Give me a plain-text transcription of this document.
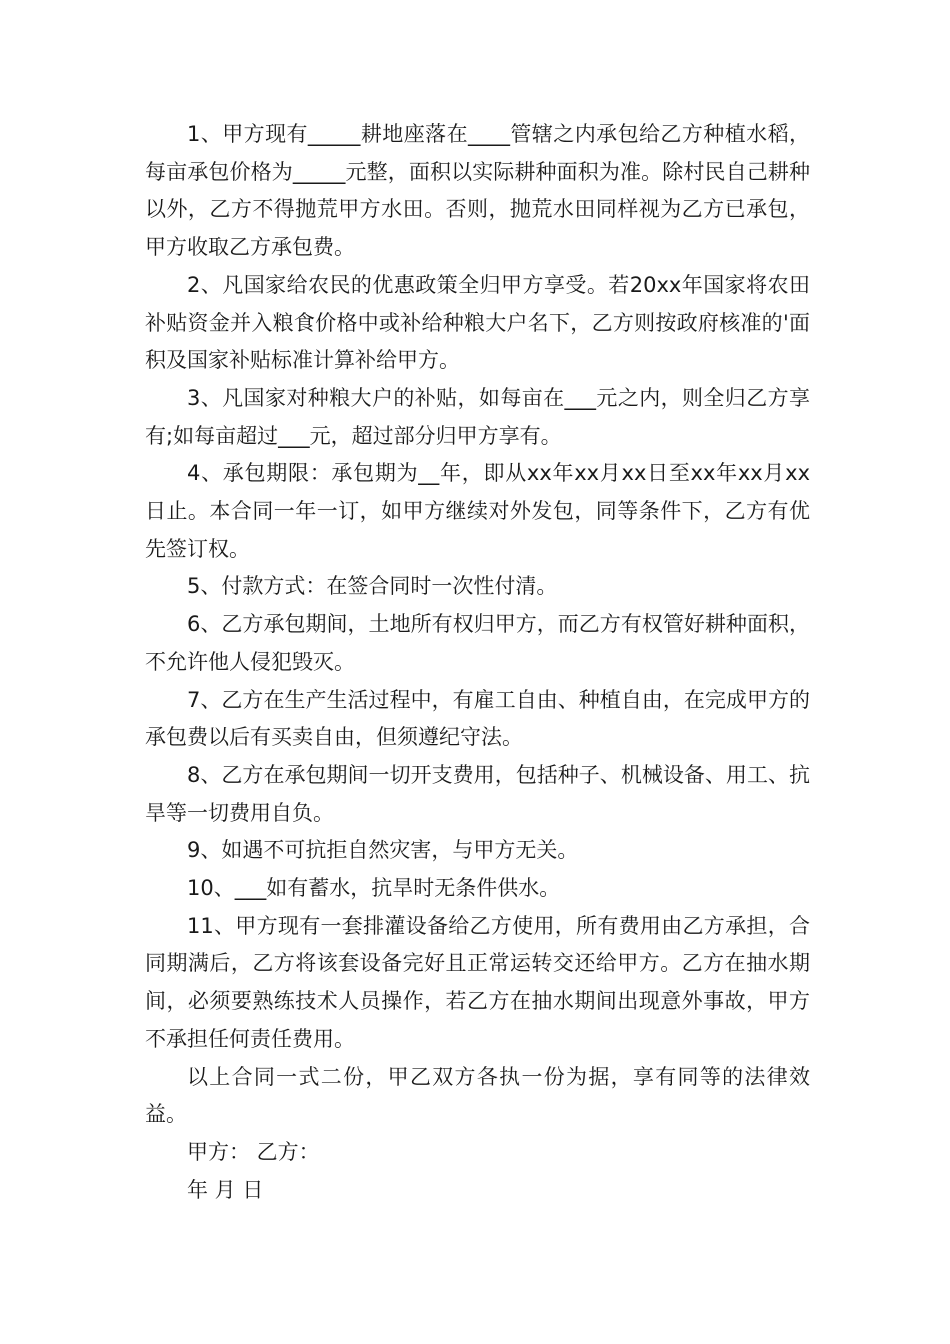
1、甲方现有_____耕地座落在____管辖之内承包给乙方种植水稻，每亩承包价格为_____元整，面积以实际耕种面积为准。除村民自己耕种以外，乙方不得抛荒甲方水田。否则，抛荒水田同样视为乙方已承包，甲方收取乙方承包费。

2、凡国家给农民的优惠政策全归甲方享受。若20xx年国家将农田补贴资金并入粮食价格中或补给种粮大户名下，乙方则按政府核准的'面积及国家补贴标准计算补给甲方。

3、凡国家对种粮大户的补贴，如每亩在___元之内，则全归乙方享有;如每亩超过___元，超过部分归甲方享有。

4、承包期限：承包期为__年，即从xx年xx月xx日至xx年xx月xx日止。本合同一年一订，如甲方继续对外发包，同等条件下，乙方有优先签订权。

5、付款方式：在签合同时一次性付清。

6、乙方承包期间，土地所有权归甲方，而乙方有权管好耕种面积，不允许他人侵犯毁灭。

7、乙方在生产生活过程中，有雇工自由、种植自由，在完成甲方的承包费以后有买卖自由，但须遵纪守法。

8、乙方在承包期间一切开支费用，包括种子、机械设备、用工、抗旱等一切费用自负。

9、如遇不可抗拒自然灾害，与甲方无关。

10、___如有蓄水，抗旱时无条件供水。

11、甲方现有一套排灌设备给乙方使用，所有费用由乙方承担，合同期满后，乙方将该套设备完好且正常运转交还给甲方。乙方在抽水期间，必须要熟练技术人员操作，若乙方在抽水期间出现意外事故，甲方不承担任何责任费用。

以上合同一式二份，甲乙双方各执一份为据，享有同等的法律效益。

甲方： 乙方：

年 月 日
